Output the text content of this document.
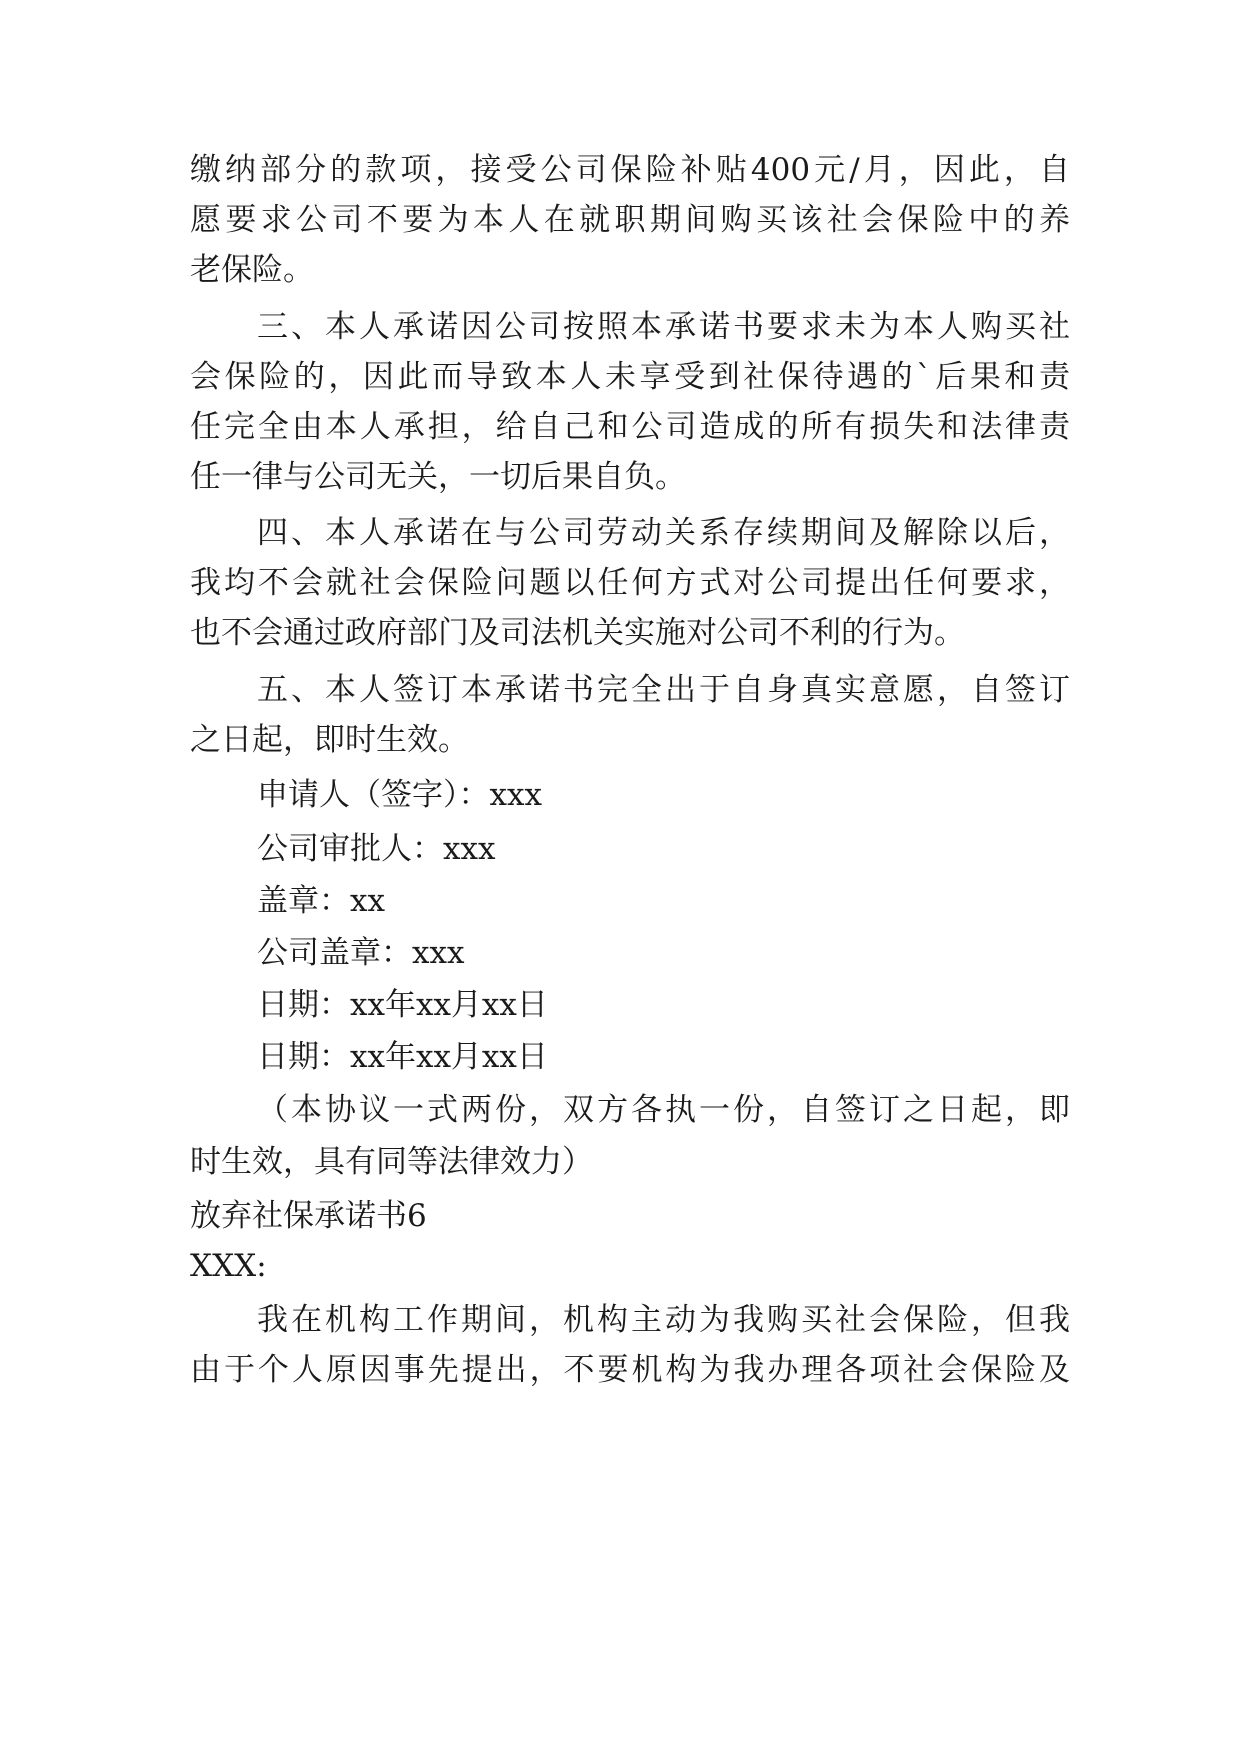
缴纳部分的款项，接受公司保险补贴400元/月，因此，自
愿要求公司不要为本人在就职期间购买该社会保险中的养
老保险。
三、本人承诺因公司按照本承诺书要求未为本人购买社
会保险的，因此而导致本人未享受到社保待遇的`后果和责
任完全由本人承担，给自己和公司造成的所有损失和法律责
任一律与公司无关，一切后果自负。
四、本人承诺在与公司劳动关系存续期间及解除以后，
我均不会就社会保险问题以任何方式对公司提出任何要求，
也不会通过政府部门及司法机关实施对公司不利的行为。
五、本人签订本承诺书完全出于自身真实意愿，自签订
之日起，即时生效。
申请人（签字）：xxx
公司审批人：xxx
盖章：xx
公司盖章：xxx
日期：xx年xx月xx日
日期：xx年xx月xx日
（本协议一式两份，双方各执一份，自签订之日起，即
时生效，具有同等法律效力）
放弃社保承诺书6
XXX:
我在机构工作期间，机构主动为我购买社会保险，但我
由于个人原因事先提出，不要机构为我办理各项社会保险及
